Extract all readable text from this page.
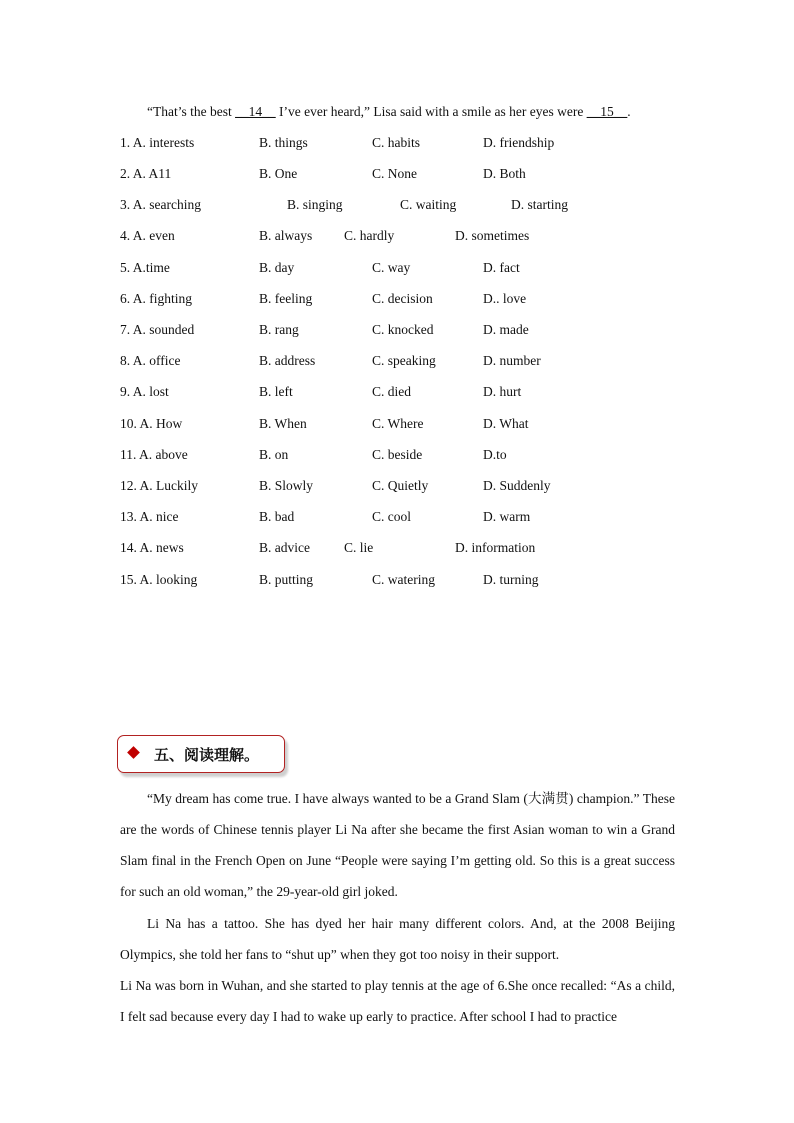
“That’s the best __14__ I’ve ever heard,” Lisa said with a smile as her eyes were __15__.
1. A. interests	B. things	C. habits	D. friendship
2. A. A11	B. One	C. None	D. Both
3. A. searching	B. singing	C. waiting	D. starting
4. A. even	B. always C. hardly	D. sometimes
5. A.time	B. day	C. way	D. fact
6. A. fighting	B. feeling	C. decision	D.. love
7. A. sounded	B. rang	C. knocked	D. made
8. A. office	B. address	C. speaking	D. number
9. A. lost	B. left	C. died	D. hurt
10. A. How	B. When	C. Where	D. What
11. A. above	B. on	C. beside	D.to
12. A. Luckily	B. Slowly	C. Quietly	D. Suddenly
13. A. nice	B. bad	C. cool	D. warm
14. A. news	B. advice	C. lie	D. information
15. A. looking	B. putting	C. watering	D. turning
五、阅读理解。
“My dream has come true. I have always wanted to be a Grand Slam (大满贯) champion.” These are the words of Chinese tennis player Li Na after she became the first Asian woman to win a Grand Slam final in the French Open on June “People were saying I’m getting old. So this is a great success for such an old woman,” the 29-year-old girl joked.
Li Na has a tattoo. She has dyed her hair many different colors. And, at the 2008 Beijing Olympics, she told her fans to “shut up” when they got too noisy in their support.
Li Na was born in Wuhan, and she started to play tennis at the age of 6.She once recalled: “As a child, I felt sad because every day I had to wake up early to practice. After school I had to practice
